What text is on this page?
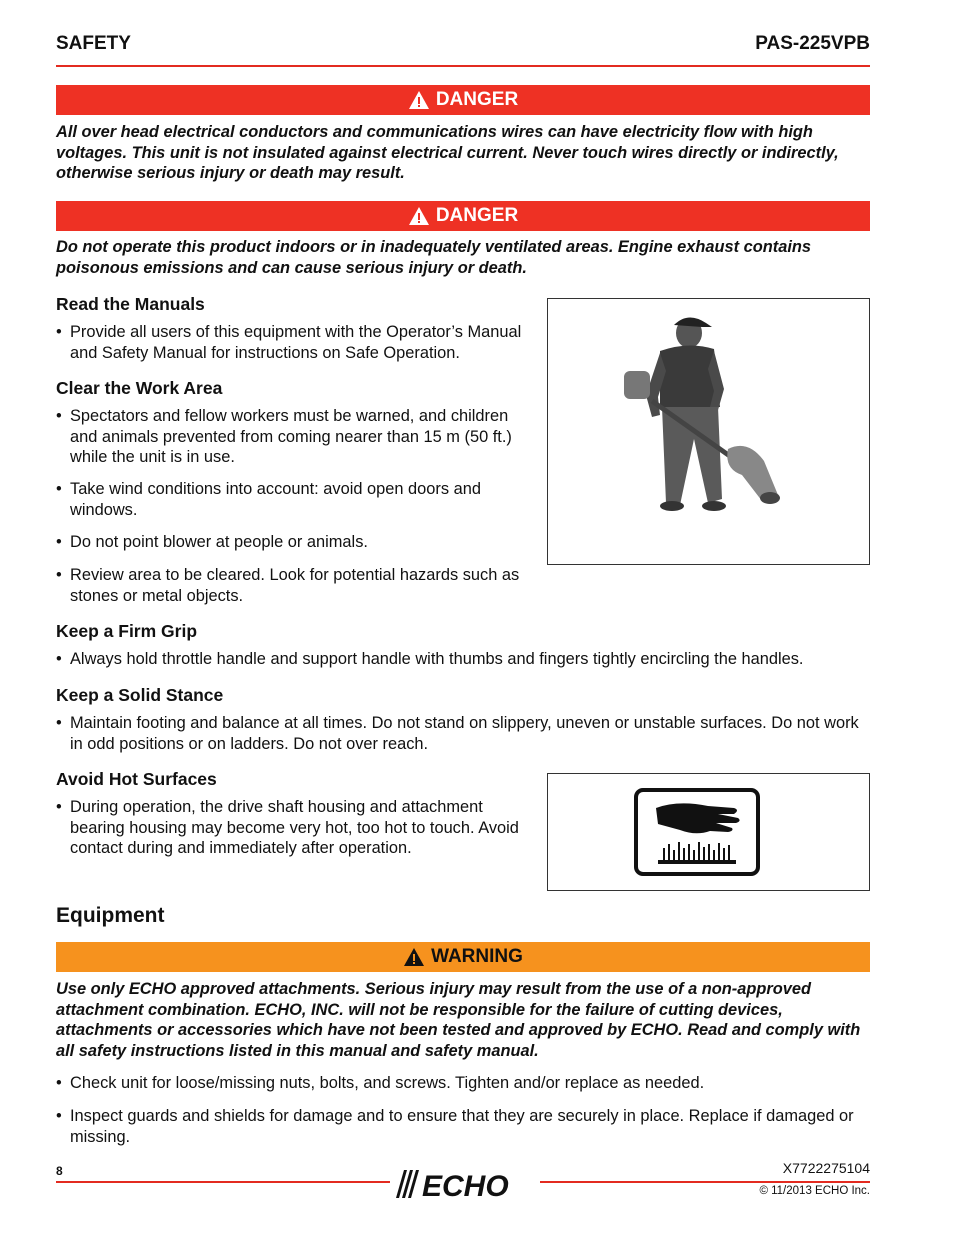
SAFETY	PAS-225VPB
DANGER
All over head electrical conductors and communications wires can have electricity flow with high voltages. This unit is not insulated against electrical current. Never touch wires directly or indirectly, otherwise serious injury or death may result.
DANGER
Do not operate this product indoors or in inadequately ventilated areas. Engine exhaust contains poisonous emissions and can cause serious injury or death.
Read the Manuals
• Provide all users of this equipment with the Operator’s Manual and Safety Manual for instructions on Safe Operation.
Clear the Work Area
• Spectators and fellow workers must be warned, and children and animals prevented from coming nearer than 15 m (50 ft.) while the unit is in use.
• Take wind conditions into account: avoid open doors and windows.
• Do not point blower at people or animals.
• Review area to be cleared. Look for potential hazards such as stones or metal objects.
Keep a Firm Grip
• Always hold throttle handle and support handle with thumbs and fingers tightly encircling the handles.
Keep a Solid Stance
• Maintain footing and balance at all times. Do not stand on slippery, uneven or unstable surfaces. Do not work in odd positions or on ladders. Do not over reach.
Avoid Hot Surfaces
• During operation, the drive shaft housing and attachment bearing housing may become very hot, too hot to touch. Avoid contact during and immediately after operation.
Equipment
WARNING
Use only ECHO approved attachments. Serious injury may result from the use of a non-approved attachment combination. ECHO, INC. will not be responsible for the failure of cutting devices, attachments or accessories which have not been tested and approved by ECHO. Read and comply with all safety instructions listed in this manual and safety manual.
• Check unit for loose/missing nuts, bolts, and screws. Tighten and/or replace as needed.
• Inspect guards and shields for damage and to ensure that they are securely in place. Replace if damaged or missing.
8	X7722275104
ECHO	© 11/2013 ECHO Inc.
